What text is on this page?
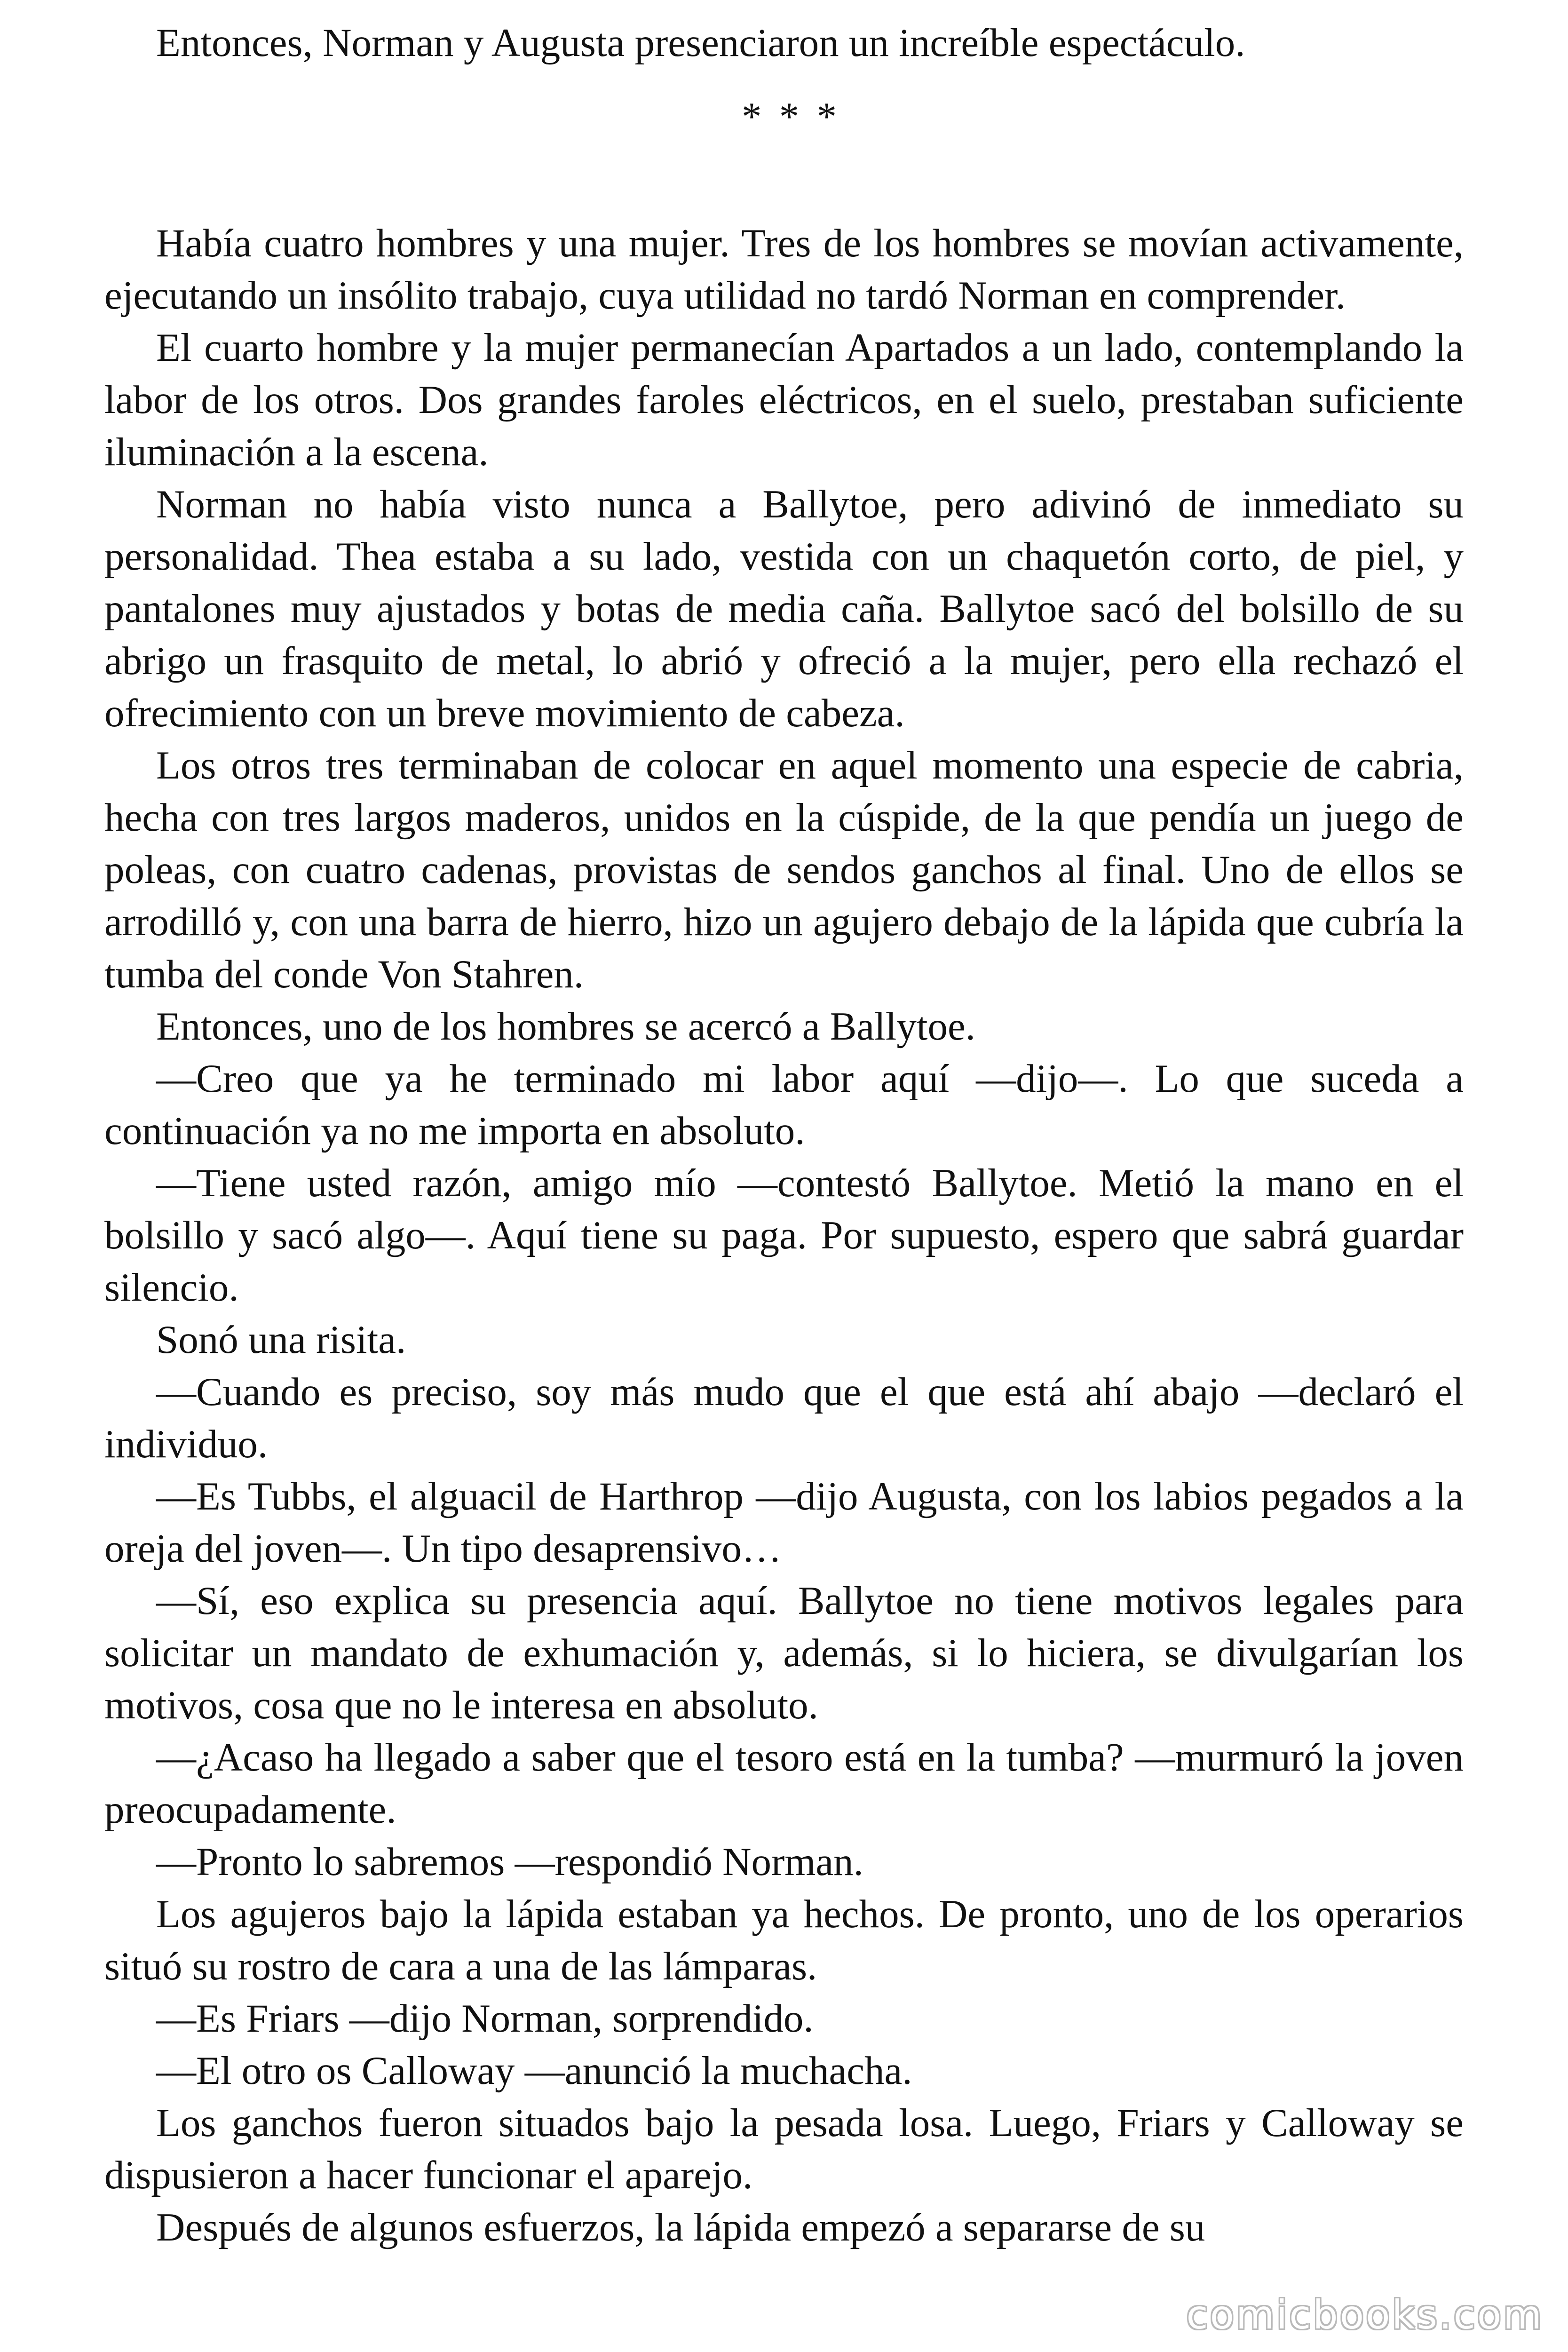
Entonces, Norman y Augusta presenciaron un increíble espectáculo.

* * *

Había cuatro hombres y una mujer. Tres de los hombres se movían activamente, ejecutando un insólito trabajo, cuya utilidad no tardó Norman en comprender.

El cuarto hombre y la mujer permanecían Apartados a un lado, contemplando la labor de los otros. Dos grandes faroles eléctricos, en el suelo, prestaban suficiente iluminación a la escena.

Norman no había visto nunca a Ballytoe, pero adivinó de inmediato su personalidad. Thea estaba a su lado, vestida con un chaquetón corto, de piel, y pantalones muy ajustados y botas de media caña. Ballytoe sacó del bolsillo de su abrigo un frasquito de metal, lo abrió y ofreció a la mujer, pero ella rechazó el ofrecimiento con un breve movimiento de cabeza.

Los otros tres terminaban de colocar en aquel momento una especie de cabria, hecha con tres largos maderos, unidos en la cúspide, de la que pendía un juego de poleas, con cuatro cadenas, provistas de sendos ganchos al final. Uno de ellos se arrodilló y, con una barra de hierro, hizo un agujero debajo de la lápida que cubría la tumba del conde Von Stahren.

Entonces, uno de los hombres se acercó a Ballytoe.

—Creo que ya he terminado mi labor aquí —dijo—. Lo que suceda a continuación ya no me importa en absoluto.

—Tiene usted razón, amigo mío —contestó Ballytoe. Metió la mano en el bolsillo y sacó algo—. Aquí tiene su paga. Por supuesto, espero que sabrá guardar silencio.

Sonó una risita.

—Cuando es preciso, soy más mudo que el que está ahí abajo —declaró el individuo.

—Es Tubbs, el alguacil de Harthrop —dijo Augusta, con los labios pegados a la oreja del joven—. Un tipo desaprensivo…

—Sí, eso explica su presencia aquí. Ballytoe no tiene motivos legales para solicitar un mandato de exhumación y, además, si lo hiciera, se divulgarían los motivos, cosa que no le interesa en absoluto.

—¿Acaso ha llegado a saber que el tesoro está en la tumba? —murmuró la joven preocupadamente.

—Pronto lo sabremos —respondió Norman.

Los agujeros bajo la lápida estaban ya hechos. De pronto, uno de los operarios situó su rostro de cara a una de las lámparas.

—Es Friars —dijo Norman, sorprendido.

—El otro os Calloway —anunció la muchacha.

Los ganchos fueron situados bajo la pesada losa. Luego, Friars y Calloway se dispusieron a hacer funcionar el aparejo.

Después de algunos esfuerzos, la lápida empezó a separarse de su

comicbooks.com
